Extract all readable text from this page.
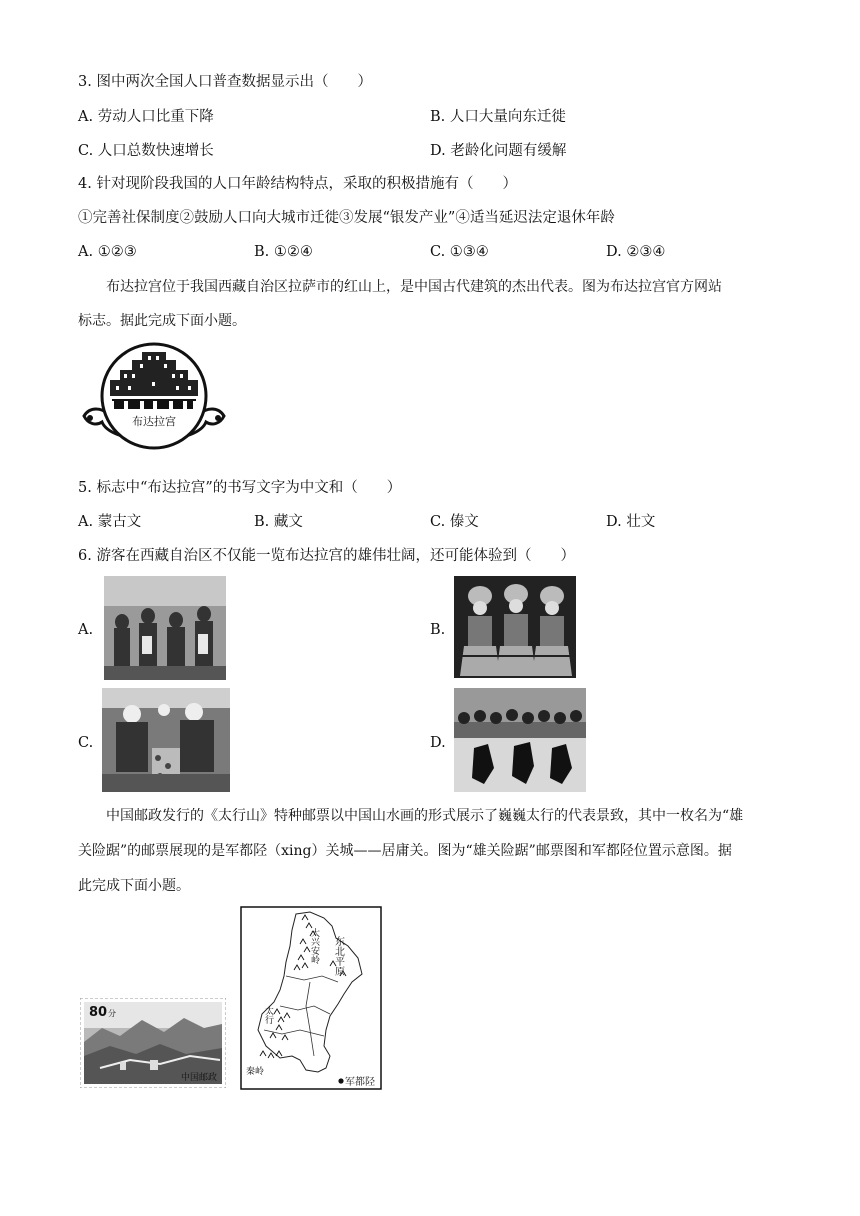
3. 图中两次全国人口普查数据显示出（　　）
A. 劳动人口比重下降	B. 人口大量向东迁徙
C. 人口总数快速增长	D. 老龄化问题有缓解
4. 针对现阶段我国的人口年龄结构特点，采取的积极措施有（　　）
①完善社保制度②鼓励人口向大城市迁徙③发展“银发产业”④适当延迟法定退休年龄
A. ①②③	B. ①②④	C. ①③④	D. ②③④
布达拉宫位于我国西藏自治区拉萨市的红山上，是中国古代建筑的杰出代表。图为布达拉宫官方网站
标志。据此完成下面小题。
布达拉宫
5. 标志中“布达拉宫”的书写文字为中文和（　　）
A. 蒙古文	B. 藏文	C. 傣文	D. 壮文
6. 游客在西藏自治区不仅能一览布达拉宫的雄伟壮阔，还可能体验到（　　）
A.	B.
C.	D.
中国邮政发行的《太行山》特种邮票以中国山水画的形式展示了巍巍太行的代表景致，其中一枚名为“雄
关险踞”的邮票展现的是军都陉（xing）关城——居庸关。图为“雄关险踞”邮票图和军都陉位置示意图。据
此完成下面小题。
80 分
中国邮政
大兴安岭 东北平原
太行
秦岭
军都陉
